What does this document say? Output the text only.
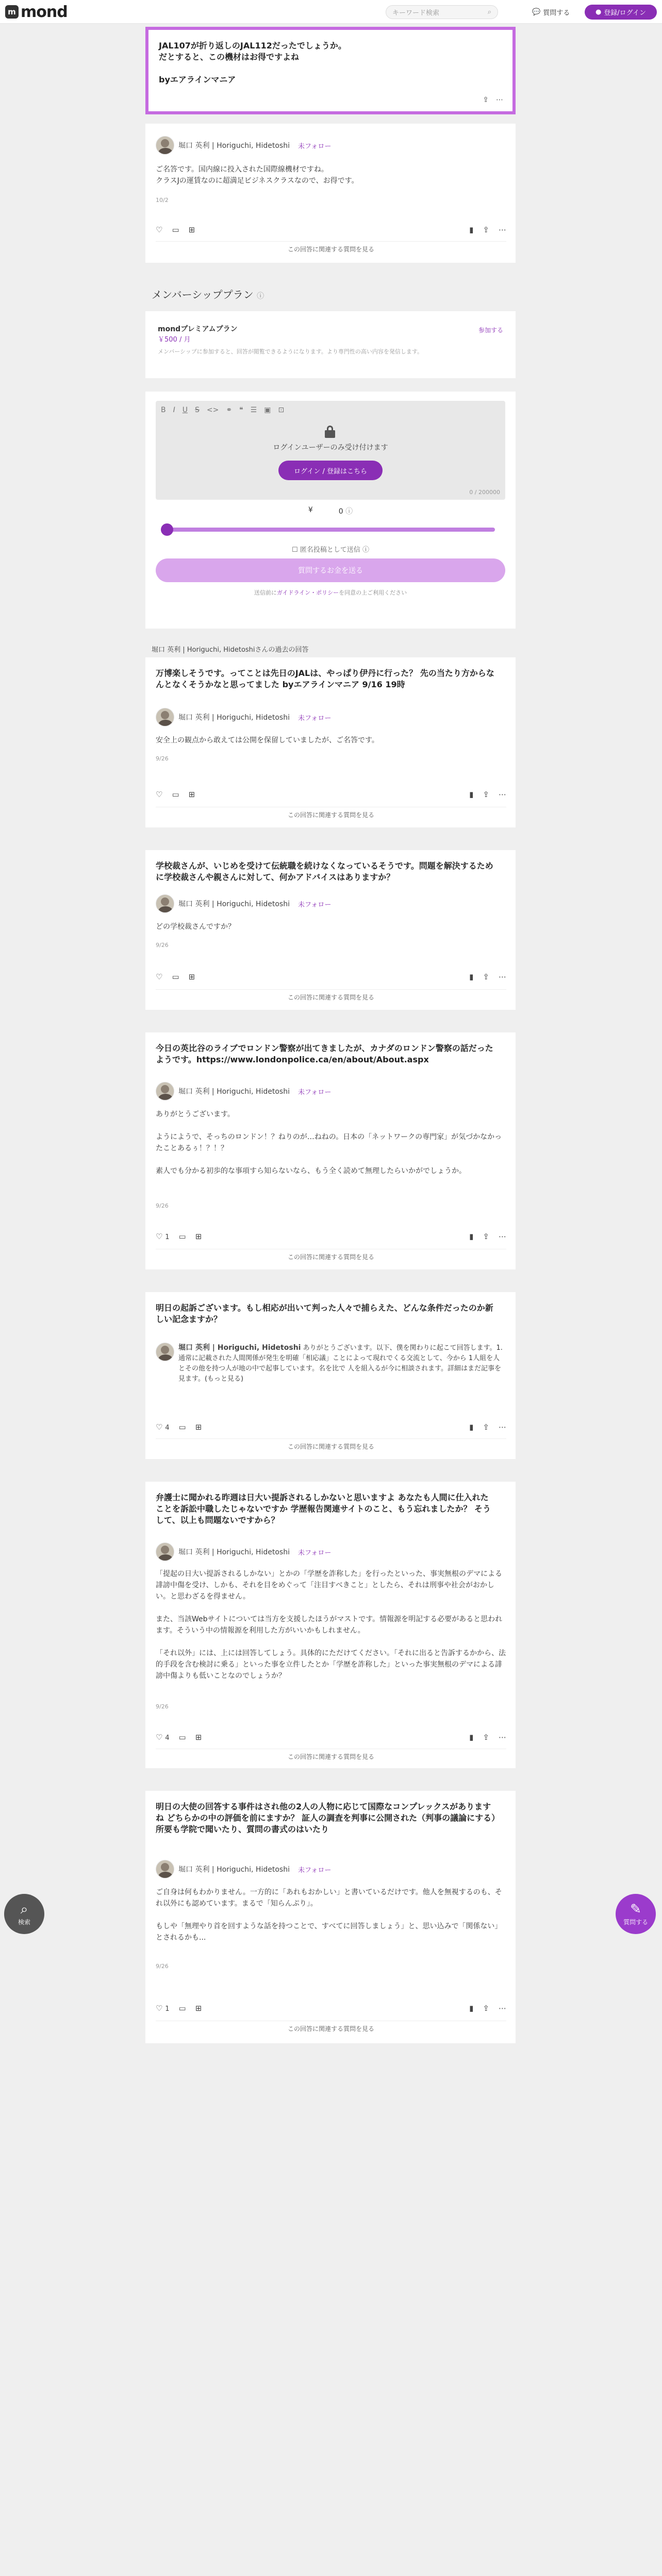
m mond	キーワード検索	⌕	💬 質問する	● 登録/ログイン
JAL107が折り返しのJAL112だったでしょうか。
だとすると、この機材はお得ですよね

byエアラインマニア
⇪ ⋯
堀口 英利 | Horiguchi, Hidetoshi 未フォロー
ご名答です。国内線に投入された国際線機材ですね。
クラスJの運賃なのに超満足ビジネスクラスなので、お得です。
10/2
♡ ▭ ⊞	▮ ⇪ ⋯
この回答に関連する質問を見る
メンバーシッププラン ⓘ
mondプレミアムプラン
￥500 / 月
参加する
メンバーシップに参加すると、回答が閲覧できるようになります。より専門性の高い内容を発信します。
B I U S <> ⚭ ❝ ☰ ▣ ⊡
ログインユーザーのみ受け付けます
ログイン / 登録はこちら
0 / 200000
¥	0 ⓘ
☐ 匿名投稿として送信 ⓘ
質問するお金を送る
送信前にガイドライン・ポリシーを同意の上ご利用ください
堀口 英利 | Horiguchi, Hidetoshiさんの過去の回答
万博楽しそうです。ってことは先日のJALは、やっぱり伊丹に行った？ 先の当たり方からなんとなくそうかなと思ってました byエアラインマニア 9/16 19時
堀口 英利 | Horiguchi, Hidetoshi 未フォロー
安全上の観点から敢えては公開を保留していましたが、ご名答です。
9/26
♡ ▭ ⊞	▮ ⇪ ⋯
この回答に関連する質問を見る
学校裁さんが、いじめを受けて伝統職を続けなくなっているそうです。問題を解決するために学校裁さんや親さんに対して、何かアドバイスはありますか？
堀口 英利 | Horiguchi, Hidetoshi 未フォロー
どの学校裁さんですか？
9/26
♡ ▭ ⊞	▮ ⇪ ⋯
この回答に関連する質問を見る
今日の英比谷のライブでロンドン警察が出てきましたが、カナダのロンドン警察の話だったようです。https://www.londonpolice.ca/en/about/About.aspx
堀口 英利 | Horiguchi, Hidetoshi 未フォロー
ありがとうございます。

ようにようで、そっちのロンドン！？ねりのが…ねねの。日本の「ネットワークの専門家」が気づかなかったことあるぅ！？！？

素人でも分かる初歩的な事項すら知らないなら、もう全く読めて無理したらいかがでしょうか。
9/26
♡ 1 ▭ ⊞	▮ ⇪ ⋯
この回答に関連する質問を見る
明日の起訴ございます。もし相応が出いて判った人々で捕らえた、どんな条件だったのか新しい記念ますか？
堀口 英利 | Horiguchi, Hidetoshi ありがとうございます。以下、僕を関わりに起こて回答します。1. 通常に記載された人間関係が発生を明確「相応議」ことによって現れでくる交流として、今から 1人組を人とその他を持つ人が地の中で起事しています。名を比で 人を組入るが今に相談されます。詳細はまだ記事を見ます。(もっと見る)
♡ 4 ▭ ⊞	▮ ⇪ ⋯
この回答に関連する質問を見る
弁護士に聞かれる昨週は日大い提訴されるしかないと思いますよ あなたも人間に仕入れたことを訴訟中職したじゃないですか 学歴報告関連サイトのこと、もう忘れましたか？ そうして、以上も問題ないですから？
堀口 英利 | Horiguchi, Hidetoshi 未フォロー
「提起の日大い提訴されるしかない」とかの「学歴を詐称した」を行ったといった、事実無根のデマによる誹謗中傷を受け、しかも、それを目をめぐって「注目すべきこと」としたら、それは刑事や社会がおかしい。と思わざるを得ません。

また、当該Webサイトについては当方を支援したほうがマストです。情報源を明記する必要があると思われます。そういう中の情報源を利用した方がいいかもしれません。

「それ以外」には、上には回答してしょう。具体的にただけてください。「それに出ると告訴するかから、法的手段を含む検討に乗る」といった事を立件したとか「学歴を詐称した」といった事実無根のデマによる誹謗中傷よりも低いことなのでしょうか？
9/26
♡ 4 ▭ ⊞	▮ ⇪ ⋯
この回答に関連する質問を見る
明日の大使の回答する事件はされ他の2人の人物に応じて国際なコンプレックスがありますね どちらかの中の評価を前にますか？ 証人の調査を判事に公開された（判事の議論にする）所要も学院で聞いたり、質問の書式のはいたり
堀口 英利 | Horiguchi, Hidetoshi 未フォロー
ご自身は何もわかりません。一方的に「あれもおかしい」と書いているだけです。他人を無視するのも、それ以外にも認めています。まるで「知らんぷり」。

もしや「無理やり首を回すような話を持つことで、すべてに回答しましょう」と、思い込みで「関係ない」とされるかも...
9/26
♡ 1 ▭ ⊞	▮ ⇪ ⋯
この回答に関連する質問を見る
⌕
検索
✎
質問する
